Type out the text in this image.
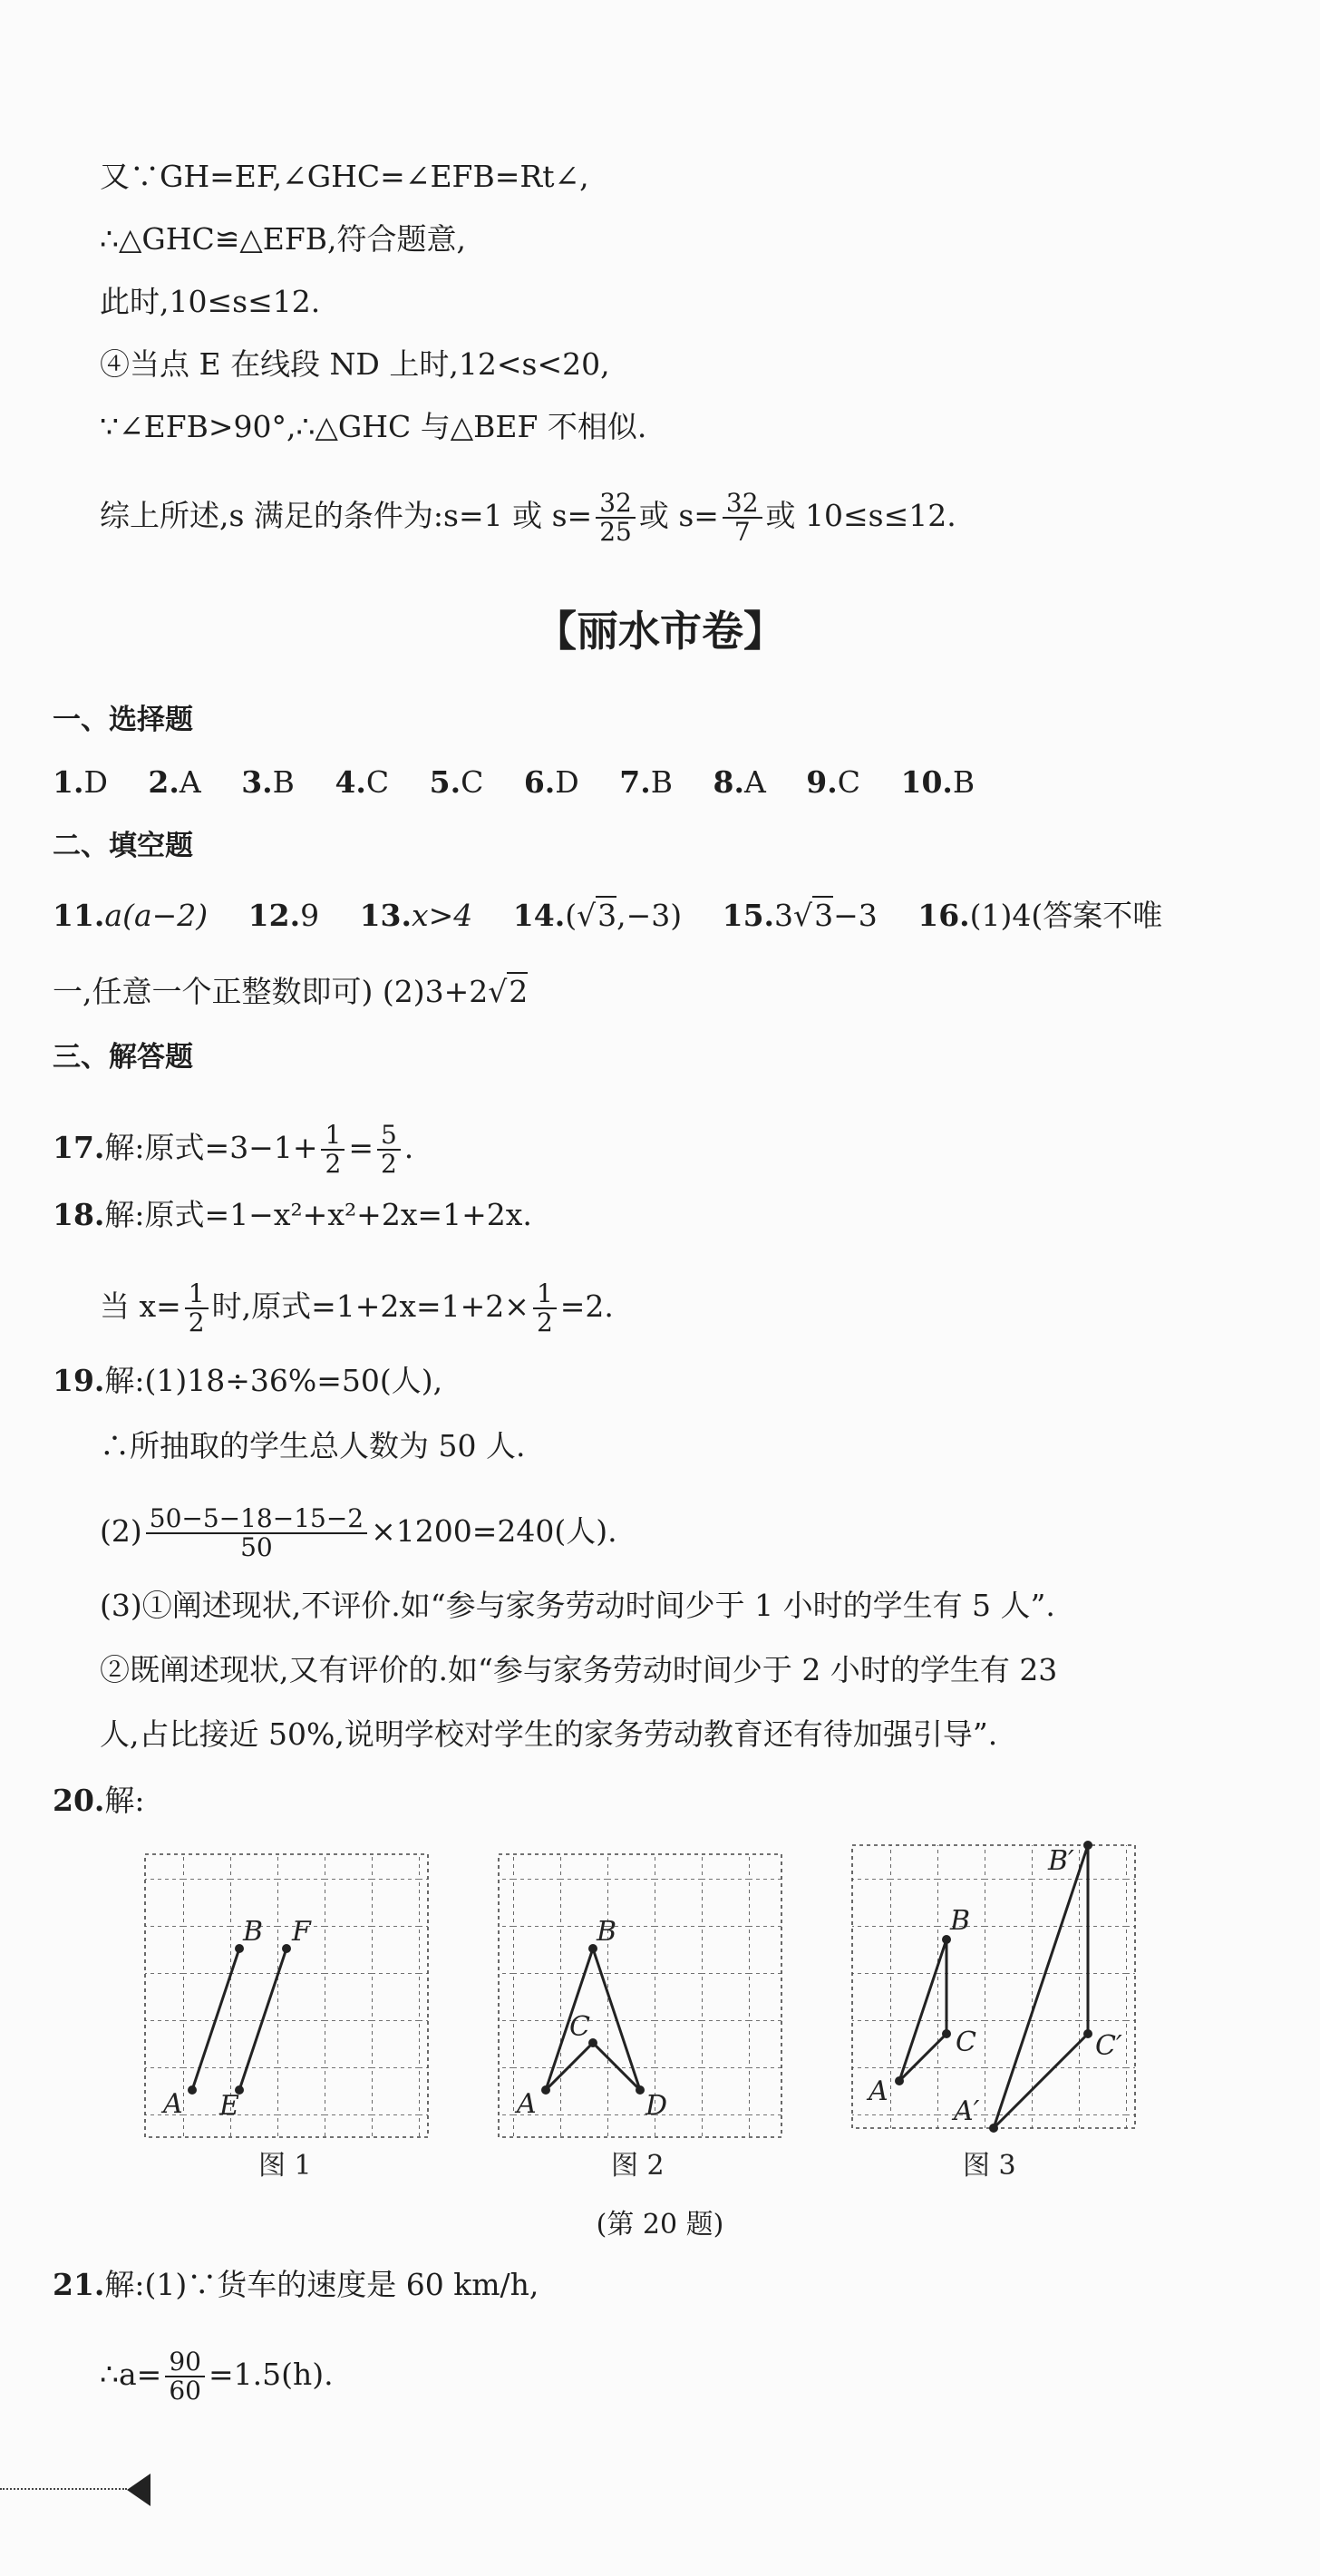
又∵GH=EF,∠GHC=∠EFB=Rt∠,
∴△GHC≌△EFB,符合题意,
此时,10≤s≤12.
④当点 E 在线段 ND 上时,12<s<20,
∵∠EFB>90°,∴△GHC 与△BEF 不相似.
综上所述,s 满足的条件为:s=1 或 $s= \frac{32}{25}$ 或 $s= \frac{32}{7}$ 或 10≤s≤12.
【丽水市卷】
一、选择题
1.D 2.A 3.B 4.C 5.C 6.D 7.B 8.A 9.C 10.B
二、填空题
11.a(a−2) 12.9 13.x>4 14.(√3,−3) 15.3√3−3 16.(1)4(答案不唯
一,任意一个正整数即可) (2)3+2√2
三、解答题
17.解:原式$=3-1+ \frac{1}{2} = \frac{5}{2}$ .
18.解:原式=1−x²+x²+2x=1+2x.
当 $x= \frac{1}{2}$ 时,原式$=1+2x=1+2\times \frac{1}{2} =2$.
19.解:(1)18÷36%=50(人),
∴所抽取的学生总人数为 50 人.
$(2) \frac{50-5-18-15-2}{50} \times 1200=240$(人).
(3)①阐述现状,不评价.如“参与家务劳动时间少于 1 小时的学生有 5 人”.
②既阐述现状,又有评价的.如“参与家务劳动时间少于 2 小时的学生有 23
人,占比接近 50%,说明学校对学生的家务劳动教育还有待加强引导”.
20.解:
A
B
E
F
图 1
A
B
C
D
图 2
A
B
C
A′
B′
C′
图 3
(第 20 题)
21.解:(1)∵货车的速度是 60 km/h,
∴a= $\frac{90}{60} =1.5(h)$.
